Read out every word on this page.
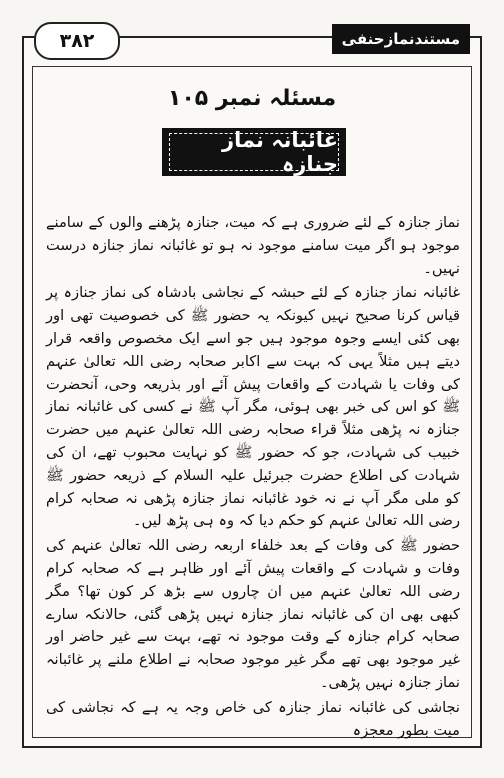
۳۸۲	مستندنمازحنفی
مسئلہ نمبر ۱۰۵
غائبانہ نماز جنازہ

نماز جنازہ کے لئے ضروری ہے کہ میت، جنازہ پڑھنے والوں کے سامنے موجود ہو اگر میت سامنے موجود نہ ہو تو غائبانہ نماز جنازہ درست نہیں۔

غائبانہ نماز جنازہ کے لئے حبشہ کے نجاشی بادشاہ کی نماز جنازہ پر قیاس کرنا صحیح نہیں کیونکہ یہ حضور ﷺ کی خصوصیت تھی اور بھی کئی ایسے وجوہ موجود ہیں جو اسے ایک مخصوص واقعہ قرار دیتے ہیں مثلاً یہی کہ بہت سے اکابر صحابہ رضی اللہ تعالیٰ عنہم کی وفات یا شہادت کے واقعات پیش آئے اور بذریعہ وحی، آنحضرت ﷺ کو اس کی خبر بھی ہوئی، مگر آپ ﷺ نے کسی کی غائبانہ نماز جنازہ نہ پڑھی مثلاً قراء صحابہ رضی اللہ تعالیٰ عنہم میں حضرت خبیب کی شہادت، جو کہ حضور ﷺ کو نہایت محبوب تھے، ان کی شہادت کی اطلاع حضرت جبرئیل علیہ السلام کے ذریعہ حضور ﷺ کو ملی مگر آپ نے نہ خود غائبانہ نماز جنازہ پڑھی نہ صحابہ کرام رضی اللہ تعالیٰ عنہم کو حکم دیا کہ وہ ہی پڑھ لیں۔

حضور ﷺ کی وفات کے بعد خلفاء اربعہ رضی اللہ تعالیٰ عنہم کی وفات و شہادت کے واقعات پیش آئے اور ظاہر ہے کہ صحابہ کرام رضی اللہ تعالیٰ عنہم میں ان چاروں سے بڑھ کر کون تھا؟ مگر کبھی بھی ان کی غائبانہ نماز جنازہ نہیں پڑھی گئی، حالانکہ سارے صحابہ کرام جنازہ کے وقت موجود نہ تھے، بہت سے غیر حاضر اور غیر موجود بھی تھے مگر غیر موجود صحابہ نے اطلاع ملنے پر غائبانہ نماز جنازہ نہیں پڑھی۔

نجاشی کی غائبانہ نماز جنازہ کی خاص وجہ یہ ہے کہ نجاشی کی میت بطور معجزہ
